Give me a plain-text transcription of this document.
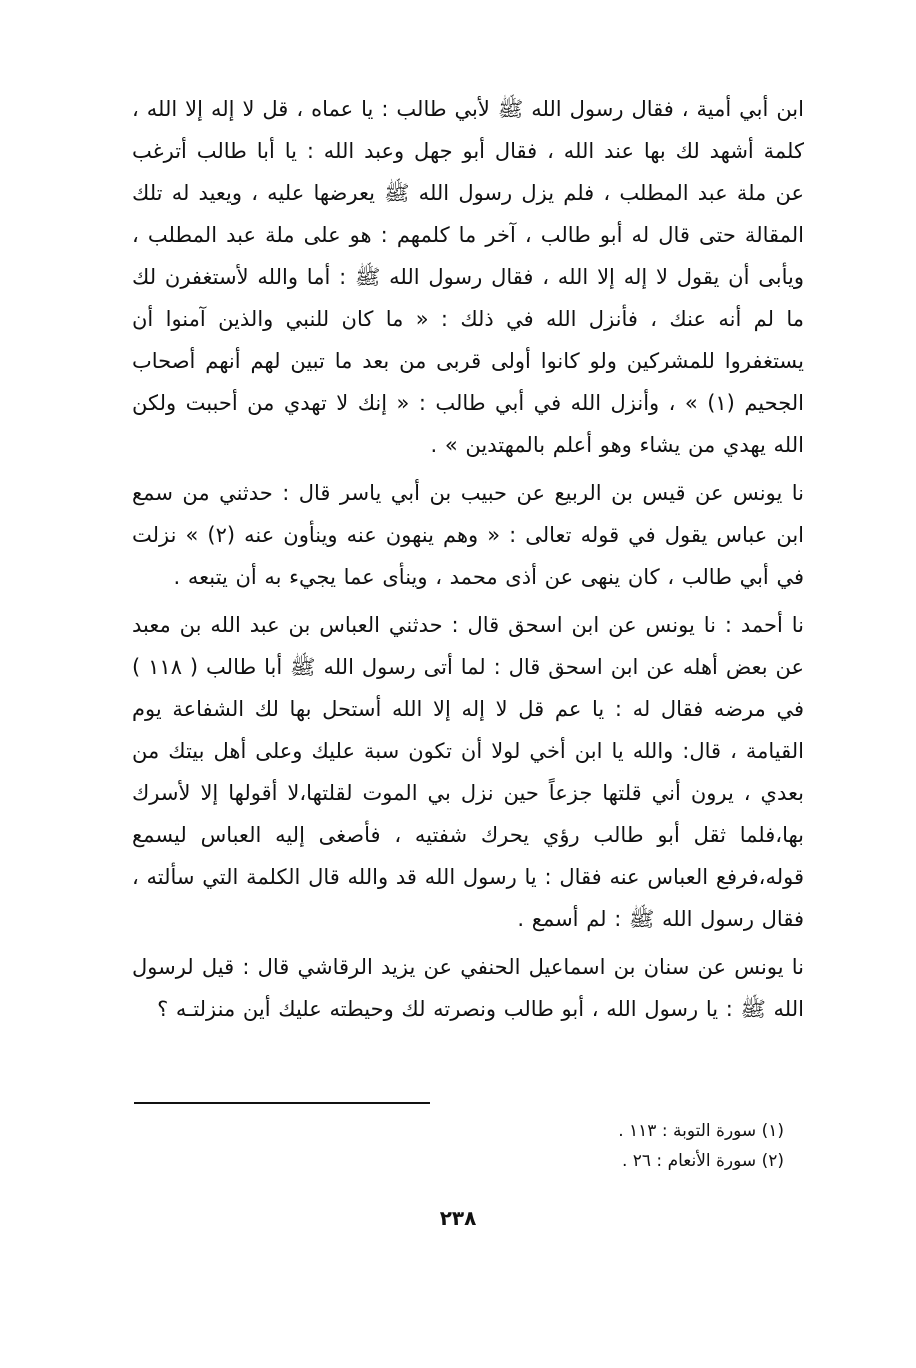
ابن أبي أمية ، فقال رسول الله ﷺ لأبي طالب : يا عماه ، قل لا إله إلا الله ، كلمة أشهد لك بها عند الله ، فقال أبو جهل وعبد الله : يا أبا طالب أترغب عن ملة عبد المطلب ، فلم يزل رسول الله ﷺ يعرضها عليه ، ويعيد له تلك المقالة حتى قال له أبو طالب ، آخر ما كلمهم : هو على ملة عبد المطلب ، ويأبى أن يقول لا إله إلا الله ، فقال رسول الله ﷺ : أما والله لأستغفرن لك ما لم أنه عنك ، فأنزل الله في ذلك : « ما كان للنبي والذين آمنوا أن يستغفروا للمشركين ولو كانوا أولى قربى من بعد ما تبين لهم أنهم أصحاب الجحيم (١) » ، وأنزل الله في أبي طالب : « إنك لا تهدي من أحببت ولكن الله يهدي من يشاء وهو أعلم بالمهتدين » .

نا يونس عن قيس بن الربيع عن حبيب بن أبي ياسر قال : حدثني من سمع ابن عباس يقول في قوله تعالى : « وهم ينهون عنه وينأون عنه (٢) » نزلت في أبي طالب ، كان ينهى عن أذى محمد ، وينأى عما يجيء به أن يتبعه .

نا أحمد : نا يونس عن ابن اسحق قال : حدثني العباس بن عبد الله بن معبد عن بعض أهله عن ابن اسحق قال : لما أتى رسول الله ﷺ أبا طالب ( ١١٨ ) في مرضه فقال له : يا عم قل لا إله إلا الله أستحل بها لك الشفاعة يوم القيامة ، قال: والله يا ابن أخي لولا أن تكون سبة عليك وعلى أهل بيتك من بعدي ، يرون أني قلتها جزعاً حين نزل بي الموت لقلتها،لا أقولها إلا لأسرك بها،فلما ثقل أبو طالب رؤي يحرك شفتيه ، فأصغى إليه العباس ليسمع قوله،فرفع العباس عنه فقال : يا رسول الله قد والله قال الكلمة التي سألته ، فقال رسول الله ﷺ : لم أسمع .

نا يونس عن سنان بن اسماعيل الحنفي عن يزيد الرقاشي قال : قيل لرسول الله ﷺ : يا رسول الله ، أبو طالب ونصرته لك وحيطته عليك أين منزلتـه ؟

(١) سورة التوبة : ١١٣ .

(٢) سورة الأنعام : ٢٦ .

٢٣٨
